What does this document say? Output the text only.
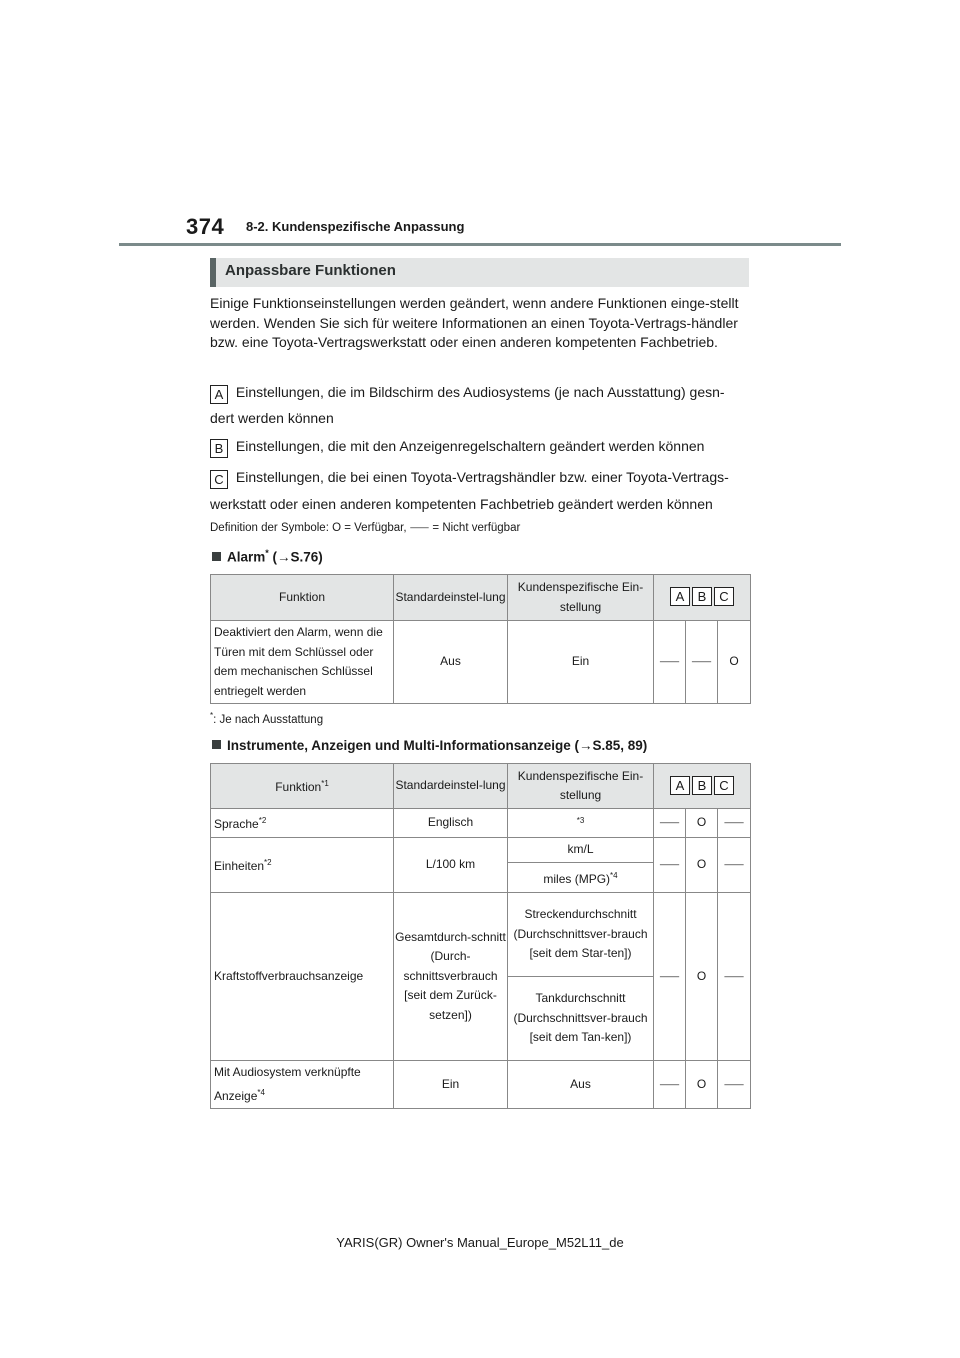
374 8-2. Kundenspezifische Anpassung
Anpassbare Funktionen
Einige Funktionseinstellungen werden geändert, wenn andere Funktionen einge-stellt werden. Wenden Sie sich für weitere Informationen an einen Toyota-Vertrags-händler bzw. eine Toyota-Vertragswerkstatt oder einen anderen kompetenten Fachbetrieb.
A Einstellungen, die im Bildschirm des Audiosystems (je nach Ausstattung) gesn-
dert werden können
B Einstellungen, die mit den Anzeigenregelschaltern geändert werden können
C Einstellungen, die bei einen Toyota-Vertragshändler bzw. einer Toyota-Vertrags-
werkstatt oder einen anderen kompetenten Fachbetrieb geändert werden können
Definition der Symbole: O = Verfügbar, ⸺ = Nicht verfügbar
Alarm* (→S.76)
Funktion	Standardeinstel-lung	Kundenspezifische Ein-stellung	A B C		
Deaktiviert den Alarm, wenn die Türen mit dem Schlüssel oder dem mechanischen Schlüssel entriegelt werden	Aus	Ein	⸺	⸺	O
*: Je nach Ausstattung
Instrumente, Anzeigen und Multi-Informationsanzeige (→S.85, 89)
Funktion$^{*1}$	Standardeinstel-lung	Kundenspezifische Ein-stellung	A B C		
Sprache$^{*2}$	Englisch	$^{*3}$	⸺	O	⸺
Einheiten$^{*2}$	L/100 km	km/L	⸺	O	⸺
		miles (MPG)$^{*4}$
Kraftstoffverbrauchsanzeige	Gesamtdurch-schnitt (Durch-schnittsverbrauch [seit dem Zurück-setzen])	Streckendurchschnitt (Durchschnittsver-brauch [seit dem Star-ten])	⸺	O	⸺
		Tankdurchschnitt (Durchschnittsver-brauch [seit dem Tan-ken])			
Mit Audiosystem verknüpfte Anzeige$^{*4}$	Ein	Aus	⸺	O	⸺
YARIS(GR) Owner's Manual_Europe_M52L11_de
